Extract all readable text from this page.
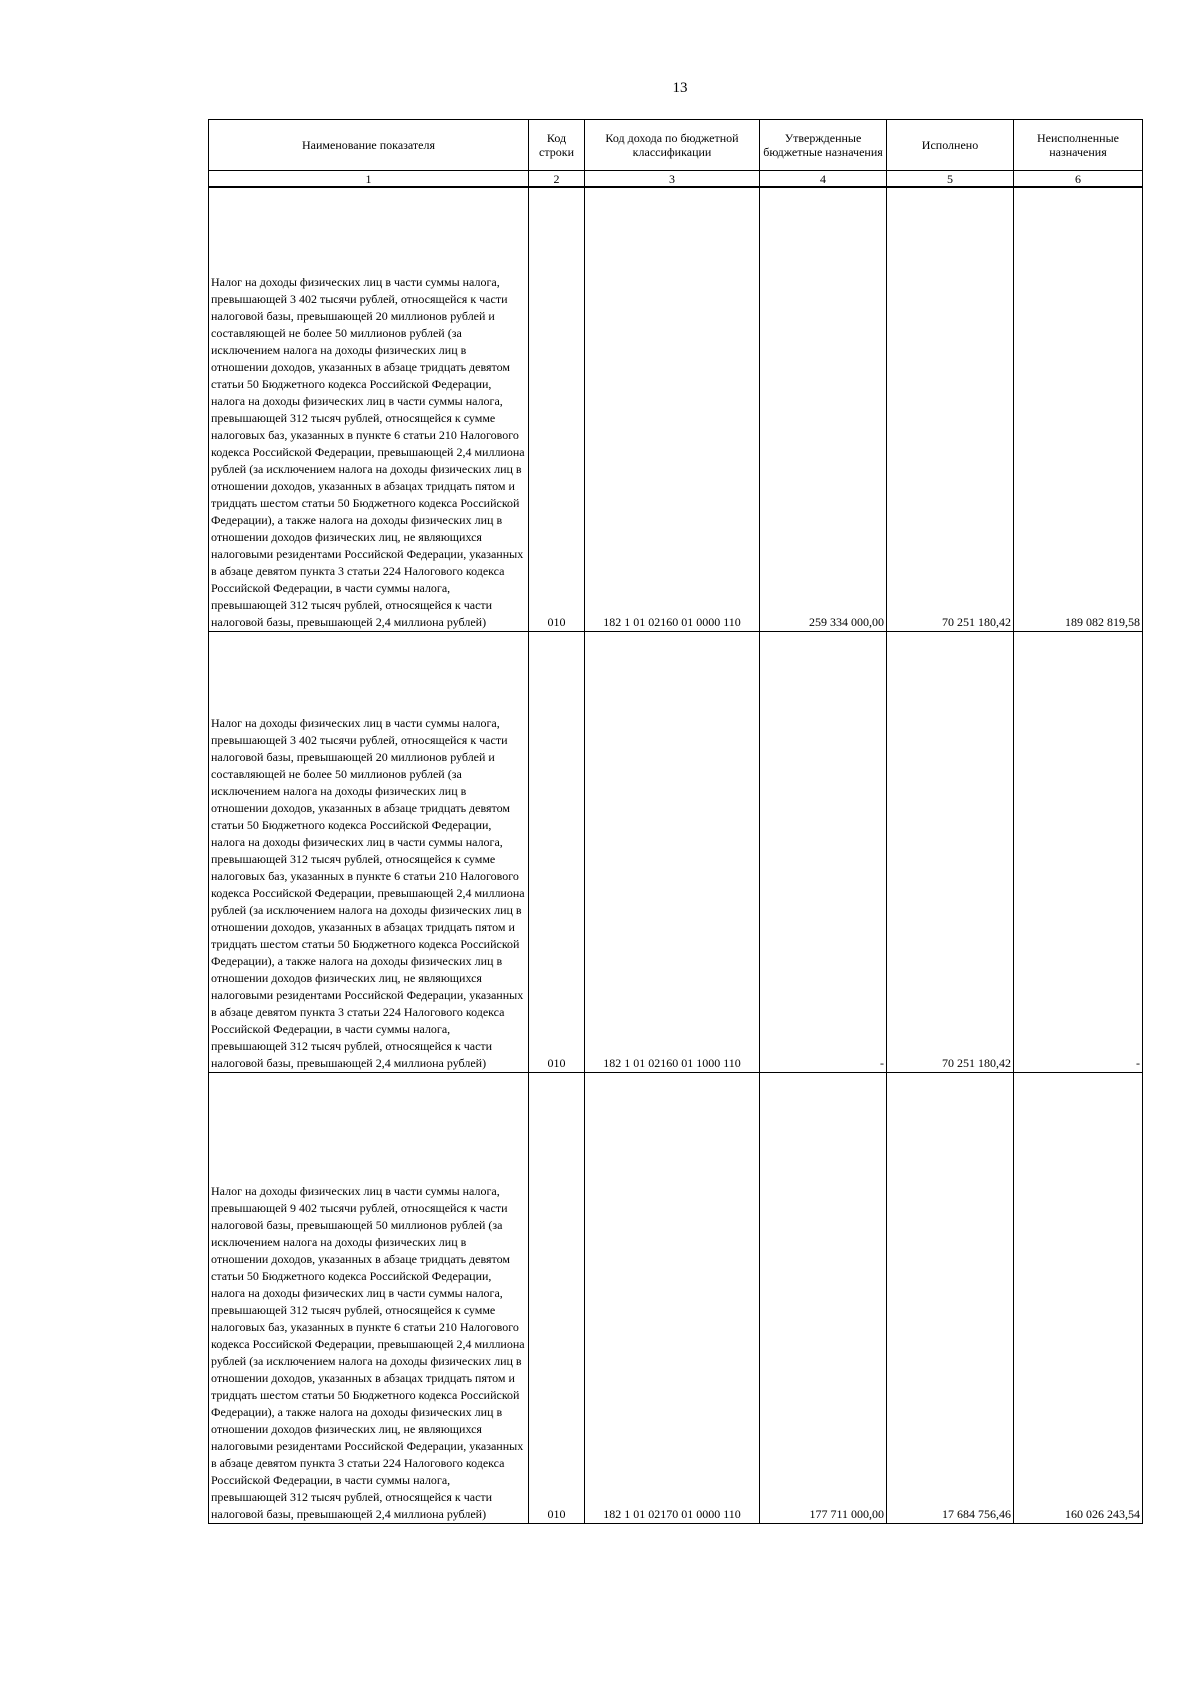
13
Наименование показателя	Код строки	Код дохода по бюджетной классификации	Утвержденные бюджетные назначения	Исполнено	Неисполненные назначения
1	2	3	4	5	6

Налог на доходы физических лиц в части суммы налога, превышающей 3 402 тысячи рублей, относящейся к части налоговой базы, превышающей 20 миллионов рублей и составляющей не более 50 миллионов рублей (за исключением налога на доходы физических лиц в отношении доходов, указанных в абзаце тридцать девятом статьи 50 Бюджетного кодекса Российской Федерации, налога на доходы физических лиц в части суммы налога, превышающей 312 тысяч рублей, относящейся к сумме налоговых баз, указанных в пункте 6 статьи 210 Налогового кодекса Российской Федерации, превышающей 2,4 миллиона рублей (за исключением налога на доходы физических лиц в отношении доходов, указанных в абзацах тридцать пятом и тридцать шестом статьи 50 Бюджетного кодекса Российской Федерации), а также налога на доходы физических лиц в отношении доходов физических лиц, не являющихся налоговыми резидентами Российской Федерации, указанных в абзаце девятом пункта 3 статьи 224 Налогового кодекса Российской Федерации, в части суммы налога, превышающей 312 тысяч рублей, относящейся к части налоговой базы, превышающей 2,4 миллиона рублей)	010	182 1 01 02160 01 0000 110	259 334 000,00	70 251 180,42	189 082 819,58

Налог на доходы физических лиц в части суммы налога, превышающей 3 402 тысячи рублей, относящейся к части налоговой базы, превышающей 20 миллионов рублей и составляющей не более 50 миллионов рублей (за исключением налога на доходы физических лиц в отношении доходов, указанных в абзаце тридцать девятом статьи 50 Бюджетного кодекса Российской Федерации, налога на доходы физических лиц в части суммы налога, превышающей 312 тысяч рублей, относящейся к сумме налоговых баз, указанных в пункте 6 статьи 210 Налогового кодекса Российской Федерации, превышающей 2,4 миллиона рублей (за исключением налога на доходы физических лиц в отношении доходов, указанных в абзацах тридцать пятом и тридцать шестом статьи 50 Бюджетного кодекса Российской Федерации), а также налога на доходы физических лиц в отношении доходов физических лиц, не являющихся налоговыми резидентами Российской Федерации, указанных в абзаце девятом пункта 3 статьи 224 Налогового кодекса Российской Федерации, в части суммы налога, превышающей 312 тысяч рублей, относящейся к части налоговой базы, превышающей 2,4 миллиона рублей)	010	182 1 01 02160 01 1000 110	-	70 251 180,42	-

Налог на доходы физических лиц в части суммы налога, превышающей 9 402 тысячи рублей, относящейся к части налоговой базы, превышающей 50 миллионов рублей (за исключением налога на доходы физических лиц в отношении доходов, указанных в абзаце тридцать девятом статьи 50 Бюджетного кодекса Российской Федерации, налога на доходы физических лиц в части суммы налога, превышающей 312 тысяч рублей, относящейся к сумме налоговых баз, указанных в пункте 6 статьи 210 Налогового кодекса Российской Федерации, превышающей 2,4 миллиона рублей (за исключением налога на доходы физических лиц в отношении доходов, указанных в абзацах тридцать пятом и тридцать шестом статьи 50 Бюджетного кодекса Российской Федерации), а также налога на доходы физических лиц в отношении доходов физических лиц, не являющихся налоговыми резидентами Российской Федерации, указанных в абзаце девятом пункта 3 статьи 224 Налогового кодекса Российской Федерации, в части суммы налога, превышающей 312 тысяч рублей, относящейся к части налоговой базы, превышающей 2,4 миллиона рублей)	010	182 1 01 02170 01 0000 110	177 711 000,00	17 684 756,46	160 026 243,54
